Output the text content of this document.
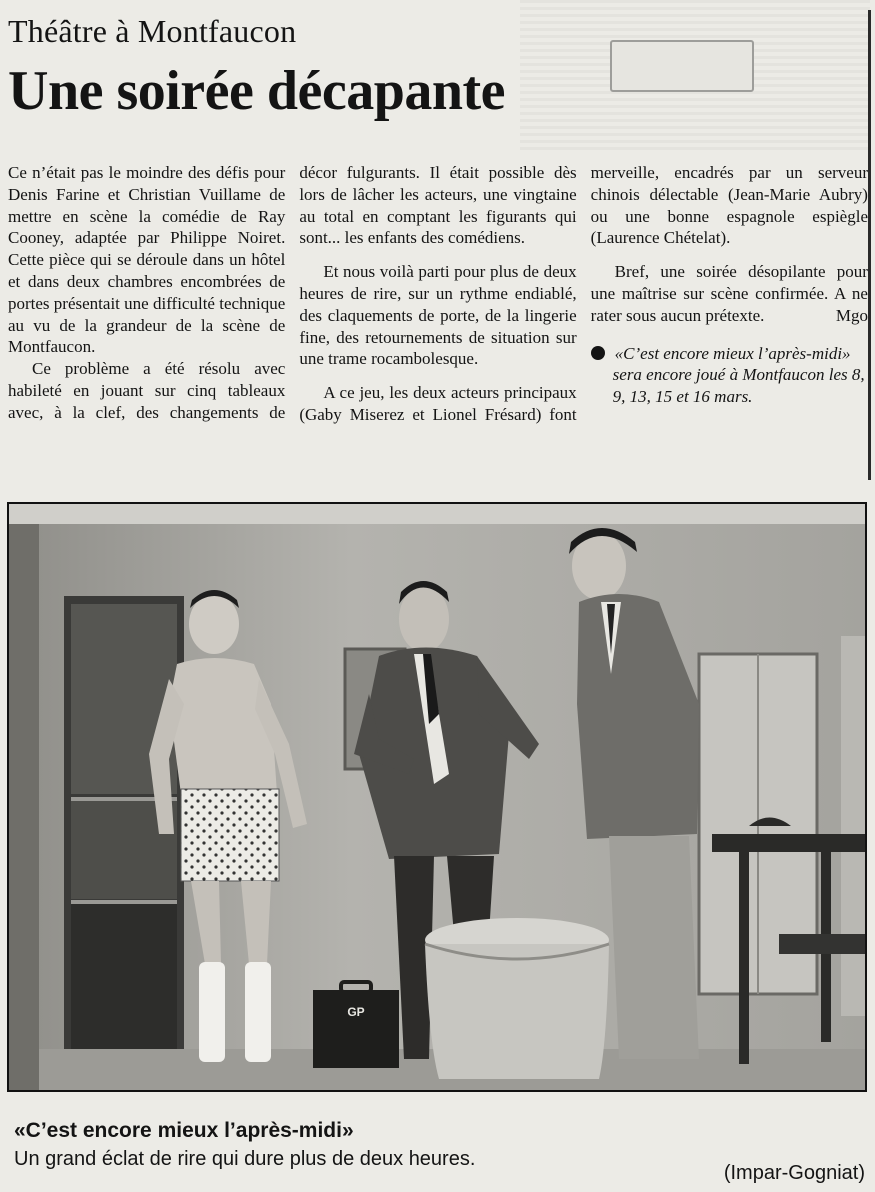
Théâtre à Montfaucon
Une soirée décapante

Ce n’était pas le moindre des défis pour Denis Farine et Christian Vuillame de mettre en scène la comédie de Ray Cooney, adaptée par Philippe Noiret. Cette pièce qui se déroule dans un hôtel et dans deux chambres encombrées de portes présentait une difficulté technique au vu de la grandeur de la scène de Montfaucon.

Ce problème a été résolu avec habileté en jouant sur cinq tableaux avec, à la clef, des changements de décor fulgurants. Il était possible dès lors de lâcher les acteurs, une vingtaine au total en comptant les figurants qui sont... les enfants des comédiens.

Et nous voilà parti pour plus de deux heures de rire, sur un rythme endiablé, des claquements de porte, de la lingerie fine, des retournements de situation sur une trame rocambolesque.

A ce jeu, les deux acteurs principaux (Gaby Miserez et Lionel Frésard) font merveille, encadrés par un serveur chinois délectable (Jean-Marie Aubry) ou une bonne espagnole espiègle (Laurence Chételat).

Bref, une soirée désopilante pour une maîtrise sur scène confirmée. A ne rater sous aucun prétexte.	Mgo

«C’est encore mieux l’après-midi» sera encore joué à Montfaucon les 8, 9, 13, 15 et 16 mars.

GP
«C’est encore mieux l’après-midi»
Un grand éclat de rire qui dure plus de deux heures.
(Impar-Gogniat)
